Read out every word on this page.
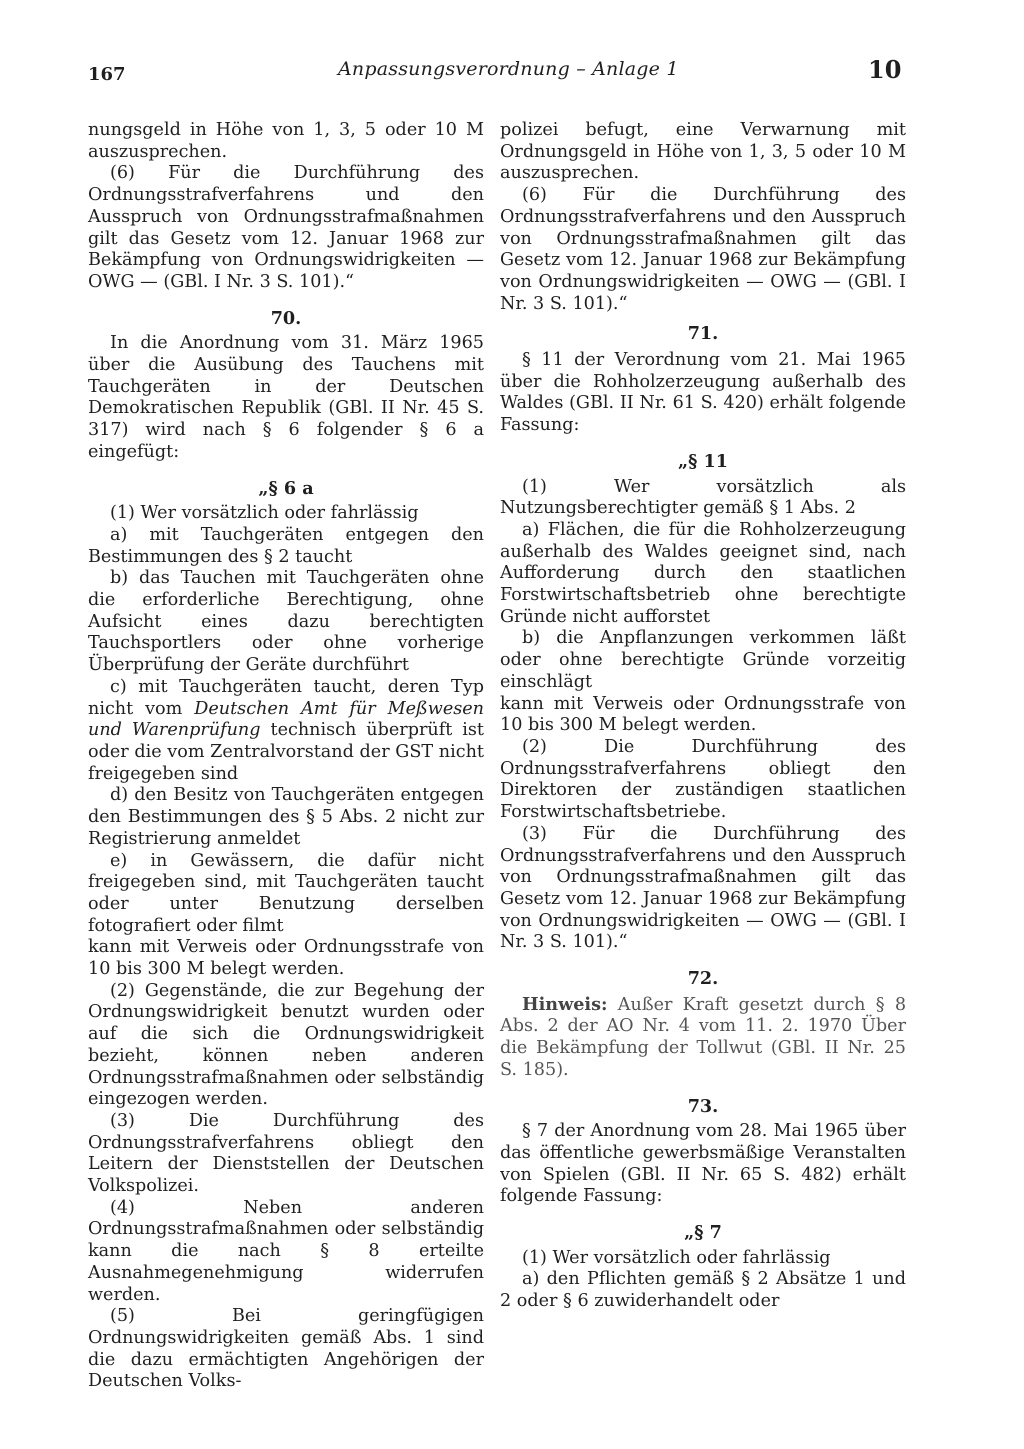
167	Anpassungsverordnung – Anlage 1	10

nungsgeld in Höhe von 1, 3, 5 oder 10 M auszusprechen.

(6) Für die Durchführung des Ordnungsstrafverfahrens und den Ausspruch von Ordnungsstrafmaßnahmen gilt das Gesetz vom 12. Januar 1968 zur Bekämpfung von Ordnungswidrigkeiten — OWG — (GBl. I Nr. 3 S. 101).“

70.

In die Anordnung vom 31. März 1965 über die Ausübung des Tauchens mit Tauchgeräten in der Deutschen Demokratischen Republik (GBl. II Nr. 45 S. 317) wird nach § 6 folgender § 6 a eingefügt:

„§ 6 a

(1) Wer vorsätzlich oder fahrlässig

a) mit Tauchgeräten entgegen den Bestimmungen des § 2 taucht

b) das Tauchen mit Tauchgeräten ohne die erforderliche Berechtigung, ohne Aufsicht eines dazu berechtigten Tauchsportlers oder ohne vorherige Überprüfung der Geräte durchführt

c) mit Tauchgeräten taucht, deren Typ nicht vom Deutschen Amt für Meßwesen und Warenprüfung technisch überprüft ist oder die vom Zentralvorstand der GST nicht freigegeben sind

d) den Besitz von Tauchgeräten entgegen den Bestimmungen des § 5 Abs. 2 nicht zur Registrierung anmeldet

e) in Gewässern, die dafür nicht freigegeben sind, mit Tauchgeräten taucht oder unter Benutzung derselben fotografiert oder filmt

kann mit Verweis oder Ordnungsstrafe von 10 bis 300 M belegt werden.

(2) Gegenstände, die zur Begehung der Ordnungswidrigkeit benutzt wurden oder auf die sich die Ordnungswidrigkeit bezieht, können neben anderen Ordnungsstrafmaßnahmen oder selbständig eingezogen werden.

(3) Die Durchführung des Ordnungsstrafverfahrens obliegt den Leitern der Dienststellen der Deutschen Volkspolizei.

(4) Neben anderen Ordnungsstrafmaßnahmen oder selbständig kann die nach § 8 erteilte Ausnahmegenehmigung widerrufen werden.

(5) Bei geringfügigen Ordnungswidrigkeiten gemäß Abs. 1 sind die dazu ermächtigten Angehörigen der Deutschen Volks-

polizei befugt, eine Verwarnung mit Ordnungsgeld in Höhe von 1, 3, 5 oder 10 M auszusprechen.

(6) Für die Durchführung des Ordnungsstrafverfahrens und den Ausspruch von Ordnungsstrafmaßnahmen gilt das Gesetz vom 12. Januar 1968 zur Bekämpfung von Ordnungswidrigkeiten — OWG — (GBl. I Nr. 3 S. 101).“

71.

§ 11 der Verordnung vom 21. Mai 1965 über die Rohholzerzeugung außerhalb des Waldes (GBl. II Nr. 61 S. 420) erhält folgende Fassung:

„§ 11

(1) Wer vorsätzlich als Nutzungsberechtigter gemäß § 1 Abs. 2

a) Flächen, die für die Rohholzerzeugung außerhalb des Waldes geeignet sind, nach Aufforderung durch den staatlichen Forstwirtschaftsbetrieb ohne berechtigte Gründe nicht aufforstet

b) die Anpflanzungen verkommen läßt oder ohne berechtigte Gründe vorzeitig einschlägt

kann mit Verweis oder Ordnungsstrafe von 10 bis 300 M belegt werden.

(2) Die Durchführung des Ordnungsstrafverfahrens obliegt den Direktoren der zuständigen staatlichen Forstwirtschaftsbetriebe.

(3) Für die Durchführung des Ordnungsstrafverfahrens und den Ausspruch von Ordnungsstrafmaßnahmen gilt das Gesetz vom 12. Januar 1968 zur Bekämpfung von Ordnungswidrigkeiten — OWG — (GBl. I Nr. 3 S. 101).“

72.

Hinweis: Außer Kraft gesetzt durch § 8 Abs. 2 der AO Nr. 4 vom 11. 2. 1970 Über die Bekämpfung der Tollwut (GBl. II Nr. 25 S. 185).

73.

§ 7 der Anordnung vom 28. Mai 1965 über das öffentliche gewerbsmäßige Veranstalten von Spielen (GBl. II Nr. 65 S. 482) erhält folgende Fassung:

„§ 7

(1) Wer vorsätzlich oder fahrlässig

a) den Pflichten gemäß § 2 Absätze 1 und 2 oder § 6 zuwiderhandelt oder
